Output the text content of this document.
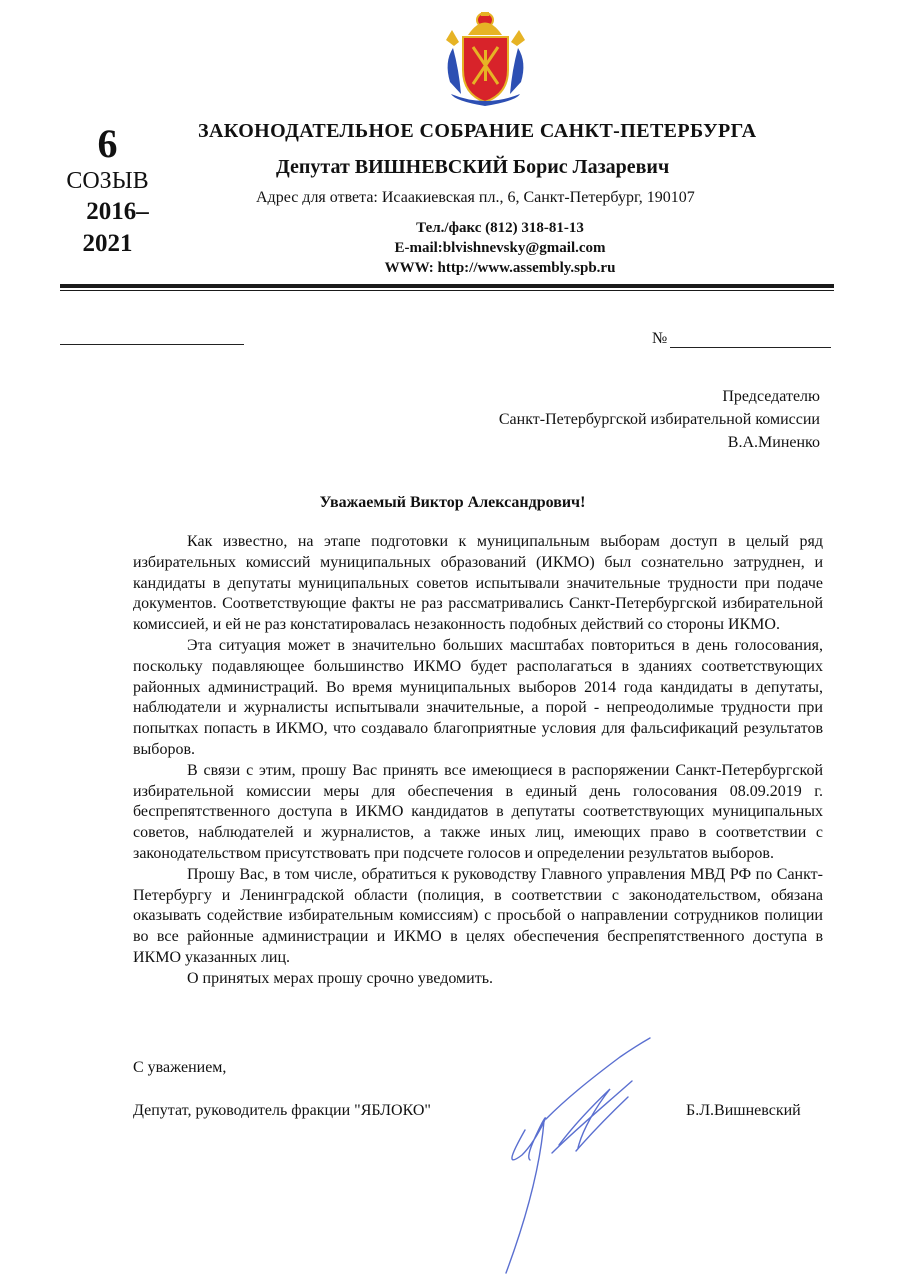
6
СОЗЫВ
2016–
2021
ЗАКОНОДАТЕЛЬНОЕ СОБРАНИЕ САНКТ-ПЕТЕРБУРГА
Депутат ВИШНЕВСКИЙ Борис Лазаревич
Адрес для ответа: Исаакиевская пл., 6, Санкт-Петербург, 190107
Тел./факс (812) 318-81-13
E-mail:blvishnevsky@gmail.com
WWW: http://www.assembly.spb.ru
№
Председателю
Санкт-Петербургской избирательной комиссии
В.А.Миненко
Уважаемый Виктор Александрович!

Как известно, на этапе подготовки к муниципальным выборам доступ в целый ряд избирательных комиссий муниципальных образований (ИКМО) был сознательно затруднен, и кандидаты в депутаты муниципальных советов испытывали значительные трудности при подаче документов. Соответствующие факты не раз рассматривались Санкт-Петербургской избирательной комиссией, и ей не раз констатировалась незаконность подобных действий со стороны ИКМО.

Эта ситуация может в значительно больших масштабах повториться в день голосования, поскольку подавляющее большинство ИКМО будет располагаться в зданиях соответствующих районных администраций. Во время муниципальных выборов 2014 года кандидаты в депутаты, наблюдатели и журналисты испытывали значительные, а порой - непреодолимые трудности при попытках попасть в ИКМО, что создавало благоприятные условия для фальсификаций результатов выборов.

В связи с этим, прошу Вас принять все имеющиеся в распоряжении Санкт-Петербургской избирательной комиссии меры для обеспечения в единый день голосования 08.09.2019 г. беспрепятственного доступа в ИКМО кандидатов в депутаты соответствующих муниципальных советов, наблюдателей и журналистов, а также иных лиц, имеющих право в соответствии с законодательством присутствовать при подсчете голосов и определении результатов выборов.

Прошу Вас, в том числе, обратиться к руководству Главного управления МВД РФ по Санкт-Петербургу и Ленинградской области (полиция, в соответствии с законодательством, обязана оказывать содействие избирательным комиссиям) с просьбой о направлении сотрудников полиции во все районные администрации и ИКМО в целях обеспечения беспрепятственного доступа в ИКМО указанных лиц.

О принятых мерах прошу срочно уведомить.

С уважением,
Депутат, руководитель фракции "ЯБЛОКО"	Б.Л.Вишневский
